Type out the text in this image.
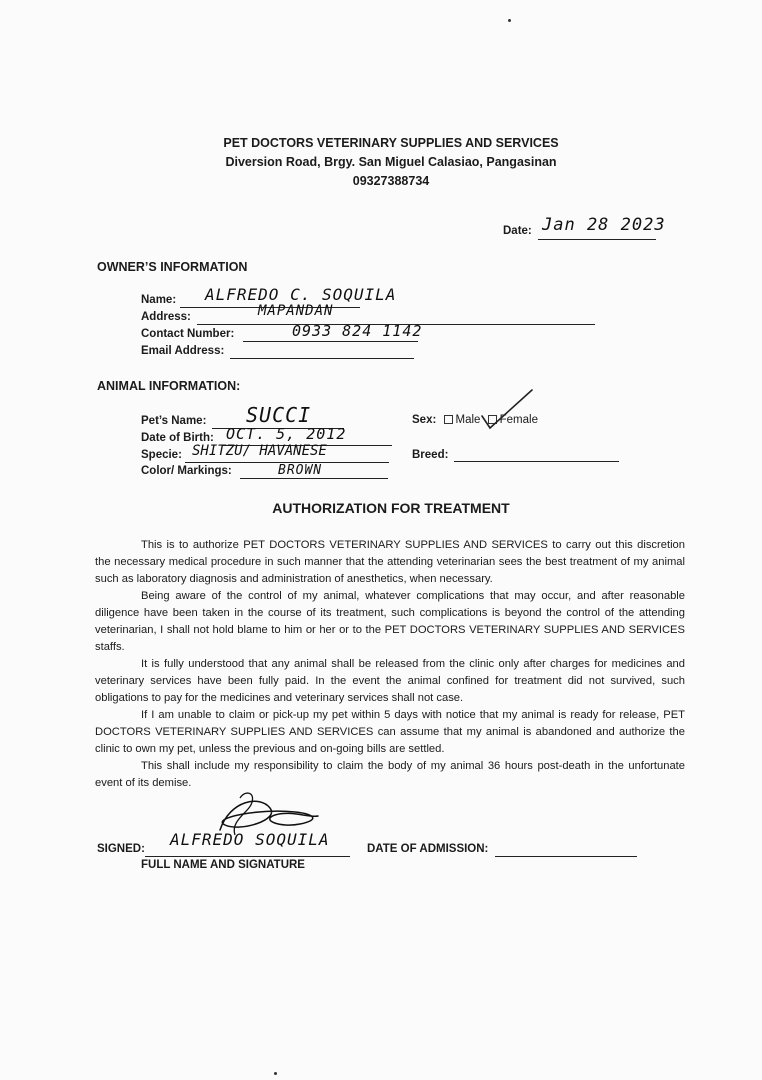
PET DOCTORS VETERINARY SUPPLIES AND SERVICES
Diversion Road, Brgy. San Miguel Calasiao, Pangasinan
09327388734
Date: Jan 28 2023
OWNER’S INFORMATION
Name: ALFREDO C. SOQUILA
Address:	MAPANDAN
Contact Number:	0933 824 1142
Email Address:
ANIMAL INFORMATION:
Pet’s Name: SUCCI
Date of Birth: OCT. 5, 2012
Specie: SHITZU/ HAVANESE
Color/ Markings:	BROWN
Sex: Male Female
Breed:
AUTHORIZATION FOR TREATMENT

This is to authorize PET DOCTORS VETERINARY SUPPLIES AND SERVICES to carry out this discretion the necessary medical procedure in such manner that the attending veterinarian sees the best treatment of my animal such as laboratory diagnosis and administration of anesthetics, when necessary.

Being aware of the control of my animal, whatever complications that may occur, and after reasonable diligence have been taken in the course of its treatment, such complications is beyond the control of the attending veterinarian, I shall not hold blame to him or her or to the PET DOCTORS VETERINARY SUPPLIES AND SERVICES staffs.

It is fully understood that any animal shall be released from the clinic only after charges for medicines and veterinary services have been fully paid. In the event the animal confined for treatment did not survived, such obligations to pay for the medicines and veterinary services shall not case.

If I am unable to claim or pick-up my pet within 5 days with notice that my animal is ready for release, PET DOCTORS VETERINARY SUPPLIES AND SERVICES can assume that my animal is abandoned and authorize the clinic to own my pet, unless the previous and on-going bills are settled.

This shall include my responsibility to claim the body of my animal 36 hours post-death in the unfortunate event of its demise.

SIGNED: ALFREDO SOQUILA
FULL NAME AND SIGNATURE
DATE OF ADMISSION:
